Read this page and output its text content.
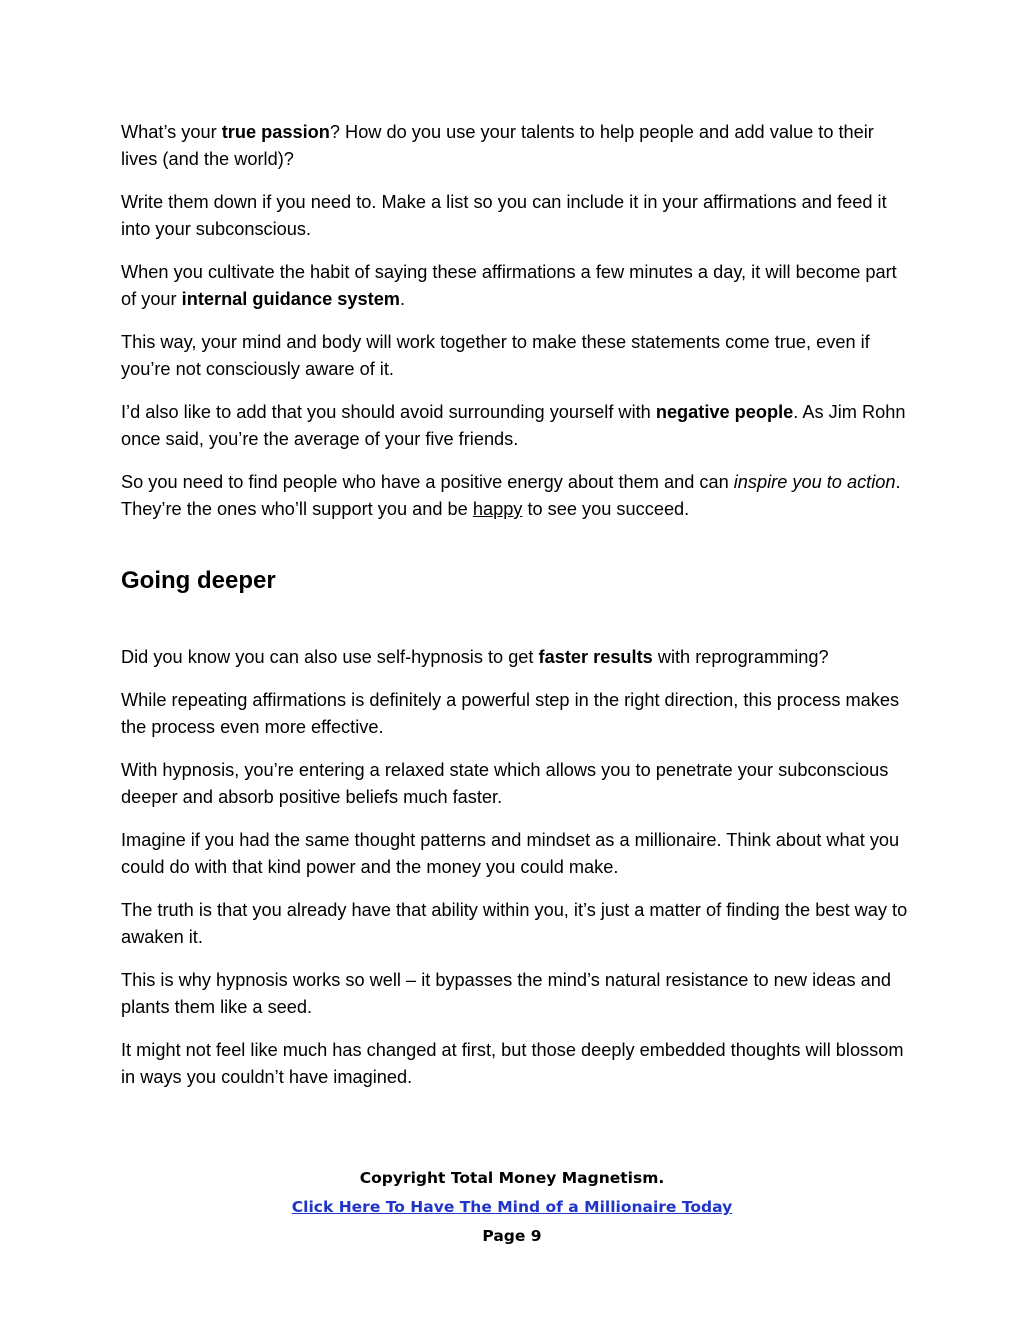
What’s your true passion? How do you use your talents to help people and add value to their lives (and the world)?

Write them down if you need to. Make a list so you can include it in your affirmations and feed it into your subconscious.

When you cultivate the habit of saying these affirmations a few minutes a day, it will become part of your internal guidance system.

This way, your mind and body will work together to make these statements come true, even if you’re not consciously aware of it.

I’d also like to add that you should avoid surrounding yourself with negative people. As Jim Rohn once said, you’re the average of your five friends.

So you need to find people who have a positive energy about them and can inspire you to action. They’re the ones who’ll support you and be happy to see you succeed.

Going deeper

Did you know you can also use self-hypnosis to get faster results with reprogramming?

While repeating affirmations is definitely a powerful step in the right direction, this process makes the process even more effective.

With hypnosis, you’re entering a relaxed state which allows you to penetrate your subconscious deeper and absorb positive beliefs much faster.

Imagine if you had the same thought patterns and mindset as a millionaire. Think about what you could do with that kind power and the money you could make.

The truth is that you already have that ability within you, it’s just a matter of finding the best way to awaken it.

This is why hypnosis works so well – it bypasses the mind’s natural resistance to new ideas and plants them like a seed.

It might not feel like much has changed at first, but those deeply embedded thoughts will blossom in ways you couldn’t have imagined.

Copyright Total Money Magnetism.
Click Here To Have The Mind of a Millionaire Today
Page 9
